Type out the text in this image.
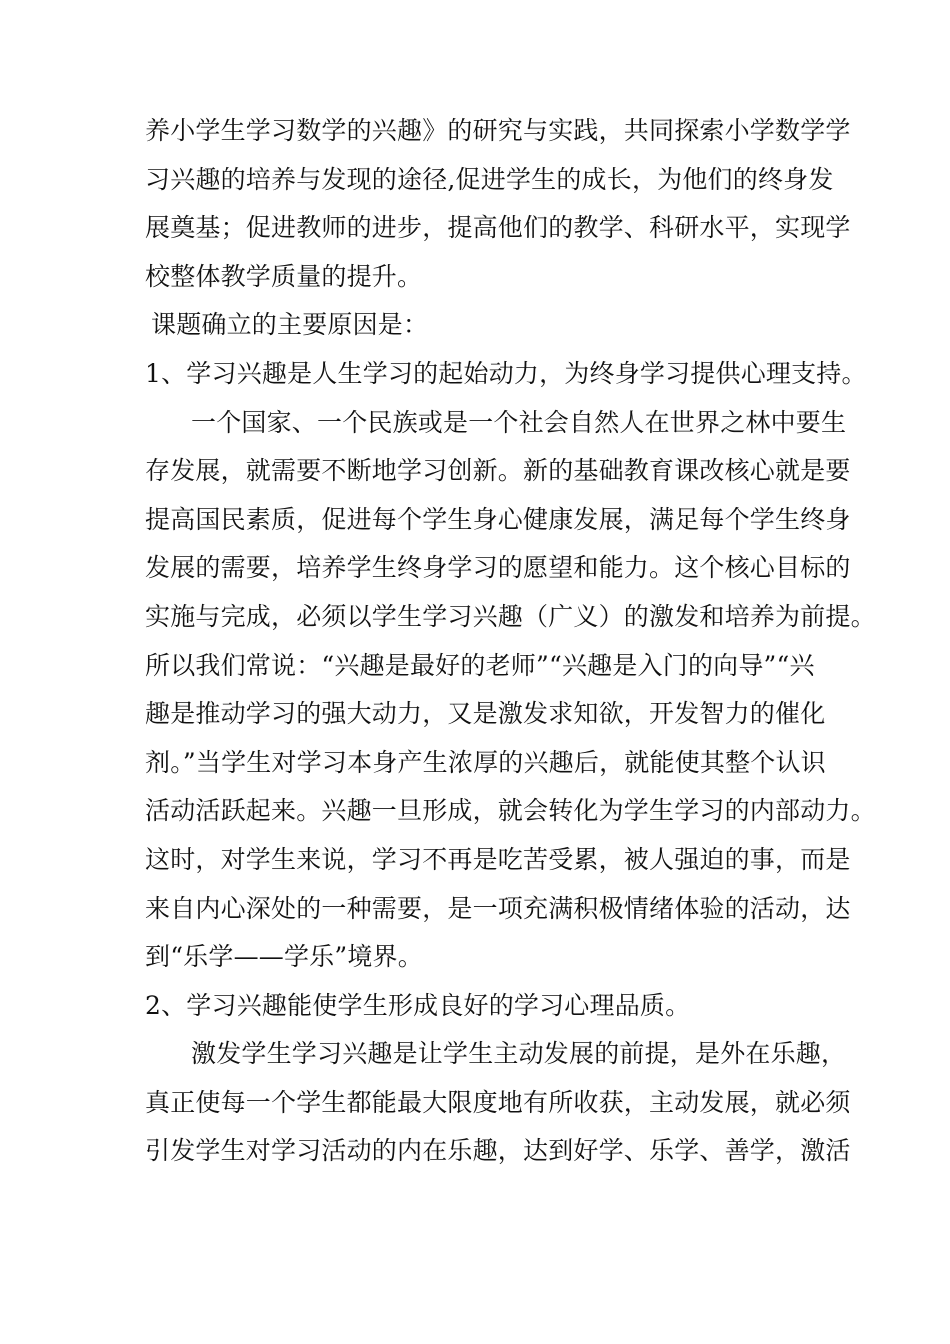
养小学生学习数学的兴趣》的研究与实践，共同探索小学数学学
习兴趣的培养与发现的途径,促进学生的成长，为他们的终身发
展奠基；促进教师的进步，提高他们的教学、科研水平，实现学
校整体教学质量的提升。
课题确立的主要原因是：
1、学习兴趣是人生学习的起始动力，为终身学习提供心理支持。
一个国家、一个民族或是一个社会自然人在世界之林中要生
存发展，就需要不断地学习创新。新的基础教育课改核心就是要
提高国民素质，促进每个学生身心健康发展，满足每个学生终身
发展的需要，培养学生终身学习的愿望和能力。这个核心目标的
实施与完成，必须以学生学习兴趣（广义）的激发和培养为前提。
所以我们常说：“兴趣是最好的老师”“兴趣是入门的向导”“兴
趣是推动学习的强大动力，又是激发求知欲，开发智力的催化
剂。”当学生对学习本身产生浓厚的兴趣后，就能使其整个认识
活动活跃起来。兴趣一旦形成，就会转化为学生学习的内部动力。
这时，对学生来说，学习不再是吃苦受累，被人强迫的事，而是
来自内心深处的一种需要，是一项充满积极情绪体验的活动，达
到“乐学——学乐”境界。
2、学习兴趣能使学生形成良好的学习心理品质。
激发学生学习兴趣是让学生主动发展的前提，是外在乐趣，
真正使每一个学生都能最大限度地有所收获，主动发展，就必须
引发学生对学习活动的内在乐趣，达到好学、乐学、善学，激活
